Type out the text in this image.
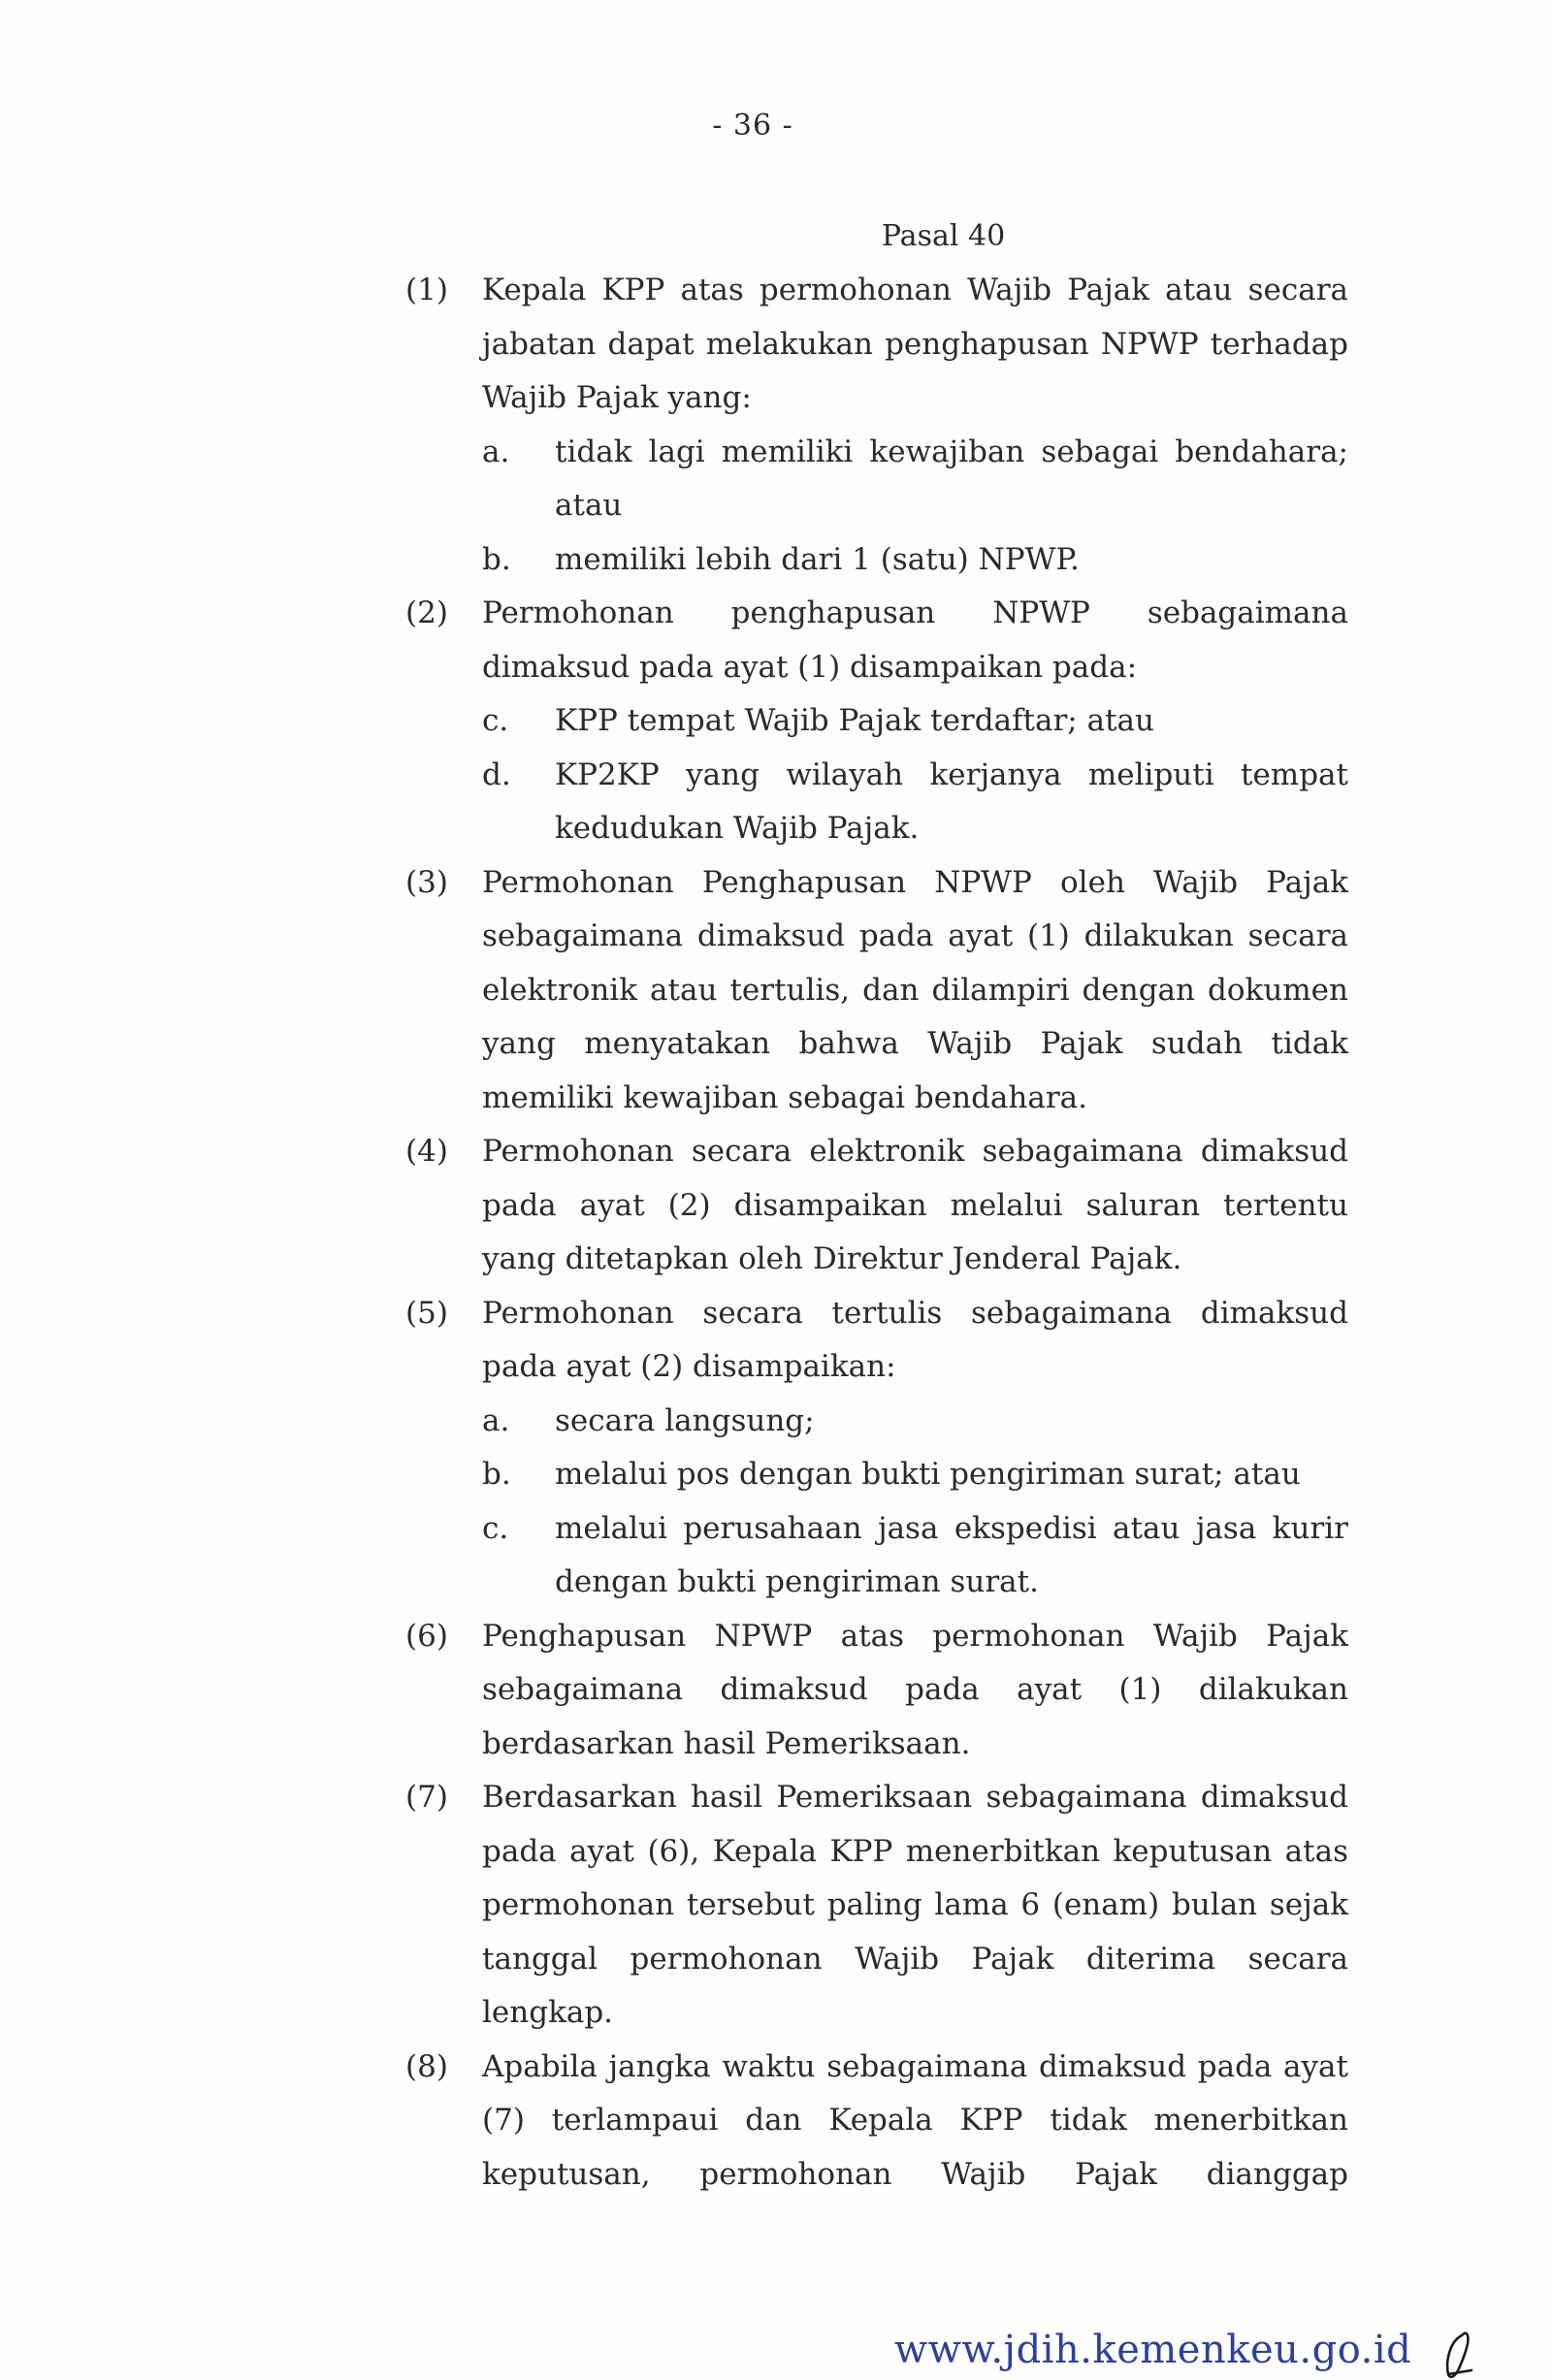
- 36 -
Pasal 40
(1)	Kepala KPP atas permohonan Wajib Pajak atau secara jabatan dapat melakukan penghapusan NPWP terhadap Wajib Pajak yang:
a.	tidak lagi memiliki kewajiban sebagai bendahara; atau
b.	memiliki lebih dari 1 (satu) NPWP.
(2)	Permohonan penghapusan NPWP sebagaimana dimaksud pada ayat (1) disampaikan pada:
c.	KPP tempat Wajib Pajak terdaftar; atau
d.	KP2KP yang wilayah kerjanya meliputi tempat kedudukan Wajib Pajak.
(3)	Permohonan Penghapusan NPWP oleh Wajib Pajak sebagaimana dimaksud pada ayat (1) dilakukan secara elektronik atau tertulis, dan dilampiri dengan dokumen yang menyatakan bahwa Wajib Pajak sudah tidak memiliki kewajiban sebagai bendahara.
(4)	Permohonan secara elektronik sebagaimana dimaksud pada ayat (2) disampaikan melalui saluran tertentu yang ditetapkan oleh Direktur Jenderal Pajak.
(5)	Permohonan secara tertulis sebagaimana dimaksud pada ayat (2) disampaikan:
a.	secara langsung;
b.	melalui pos dengan bukti pengiriman surat; atau
c.	melalui perusahaan jasa ekspedisi atau jasa kurir dengan bukti pengiriman surat.
(6)	Penghapusan NPWP atas permohonan Wajib Pajak sebagaimana dimaksud pada ayat (1) dilakukan berdasarkan hasil Pemeriksaan.
(7)	Berdasarkan hasil Pemeriksaan sebagaimana dimaksud pada ayat (6), Kepala KPP menerbitkan keputusan atas permohonan tersebut paling lama 6 (enam) bulan sejak tanggal permohonan Wajib Pajak diterima secara lengkap.
(8)	Apabila jangka waktu sebagaimana dimaksud pada ayat (7) terlampaui dan Kepala KPP tidak menerbitkan keputusan, permohonan Wajib Pajak dianggap
www.jdih.kemenkeu.go.id
